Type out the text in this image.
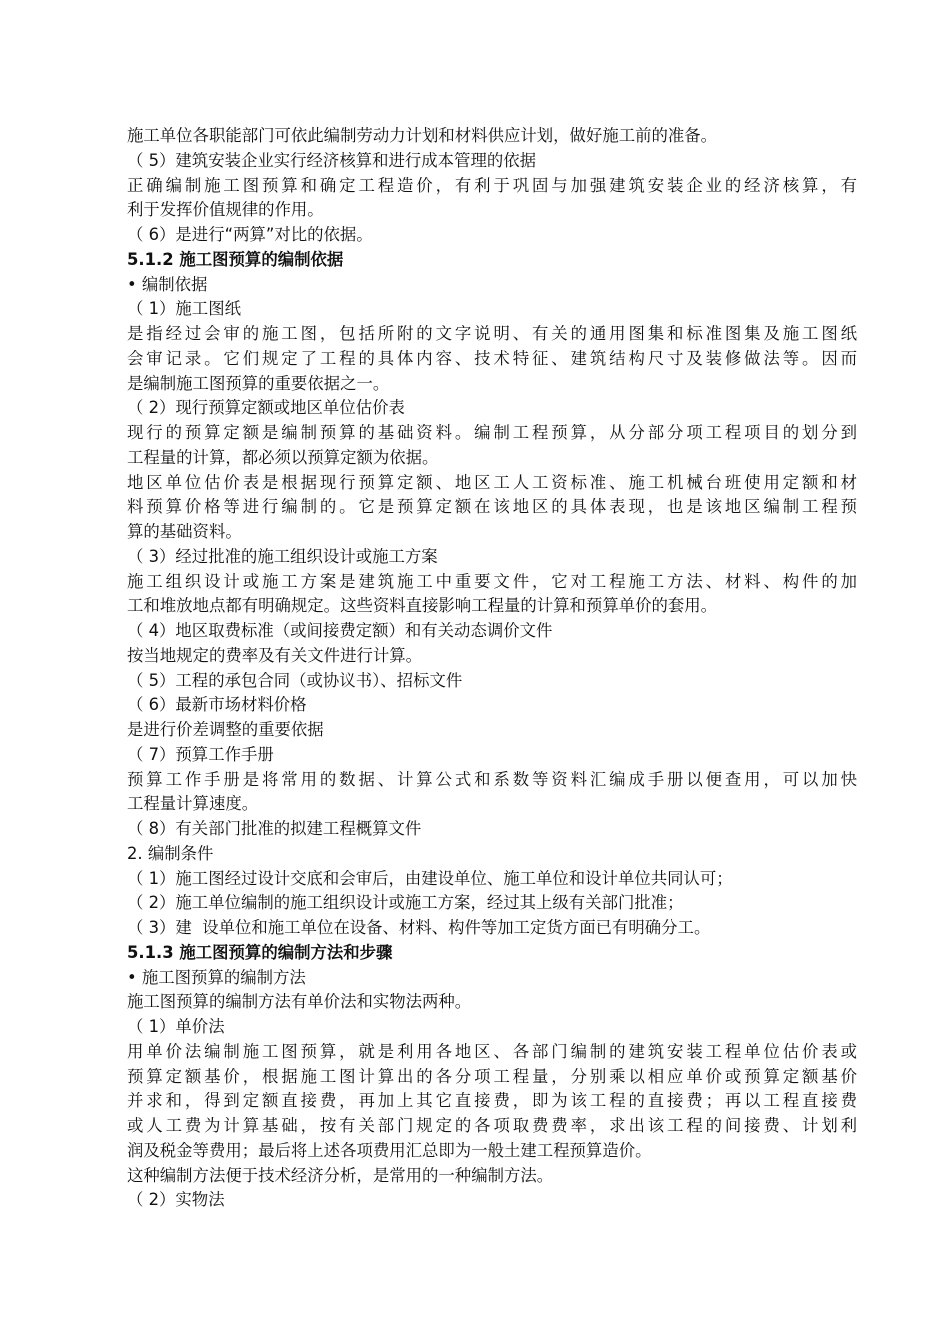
施工单位各职能部门可依此编制劳动力计划和材料供应计划，做好施工前的准备。
（ 5）建筑安装企业实行经济核算和进行成本管理的依据
正确编制施工图预算和确定工程造价，有利于巩固与加强建筑安装企业的经济核算，有
利于发挥价值规律的作用。
（ 6）是进行“两算”对比的依据。
5.1.2 施工图预算的编制依据
• 编制依据
（ 1）施工图纸
是指经过会审的施工图，包括所附的文字说明、有关的通用图集和标准图集及施工图纸
会审记录。它们规定了工程的具体内容、技术特征、建筑结构尺寸及装修做法等。因而
是编制施工图预算的重要依据之一。
（ 2）现行预算定额或地区单位估价表
现行的预算定额是编制预算的基础资料。编制工程预算，从分部分项工程项目的划分到
工程量的计算，都必须以预算定额为依据。
地区单位估价表是根据现行预算定额、地区工人工资标准、施工机械台班使用定额和材
料预算价格等进行编制的。它是预算定额在该地区的具体表现，也是该地区编制工程预
算的基础资料。
（ 3）经过批准的施工组织设计或施工方案
施工组织设计或施工方案是建筑施工中重要文件，它对工程施工方法、材料、构件的加
工和堆放地点都有明确规定。这些资料直接影响工程量的计算和预算单价的套用。
（ 4）地区取费标准（或间接费定额）和有关动态调价文件
按当地规定的费率及有关文件进行计算。
（ 5）工程的承包合同（或协议书）、招标文件
（ 6）最新市场材料价格
是进行价差调整的重要依据
（ 7）预算工作手册
预算工作手册是将常用的数据、计算公式和系数等资料汇编成手册以便查用，可以加快
工程量计算速度。
（ 8）有关部门批准的拟建工程概算文件
2. 编制条件
（ 1）施工图经过设计交底和会审后，由建设单位、施工单位和设计单位共同认可；
（ 2）施工单位编制的施工组织设计或施工方案，经过其上级有关部门批准；
（ 3）建  设单位和施工单位在设备、材料、构件等加工定货方面已有明确分工。
5.1.3 施工图预算的编制方法和步骤
• 施工图预算的编制方法
施工图预算的编制方法有单价法和实物法两种。
（ 1）单价法
用单价法编制施工图预算，就是利用各地区、各部门编制的建筑安装工程单位估价表或
预算定额基价，根据施工图计算出的各分项工程量，分别乘以相应单价或预算定额基价
并求和，得到定额直接费，再加上其它直接费，即为该工程的直接费；再以工程直接费
或人工费为计算基础，按有关部门规定的各项取费费率，求出该工程的间接费、计划利
润及税金等费用；最后将上述各项费用汇总即为一般土建工程预算造价。
这种编制方法便于技术经济分析，是常用的一种编制方法。
（ 2）实物法
